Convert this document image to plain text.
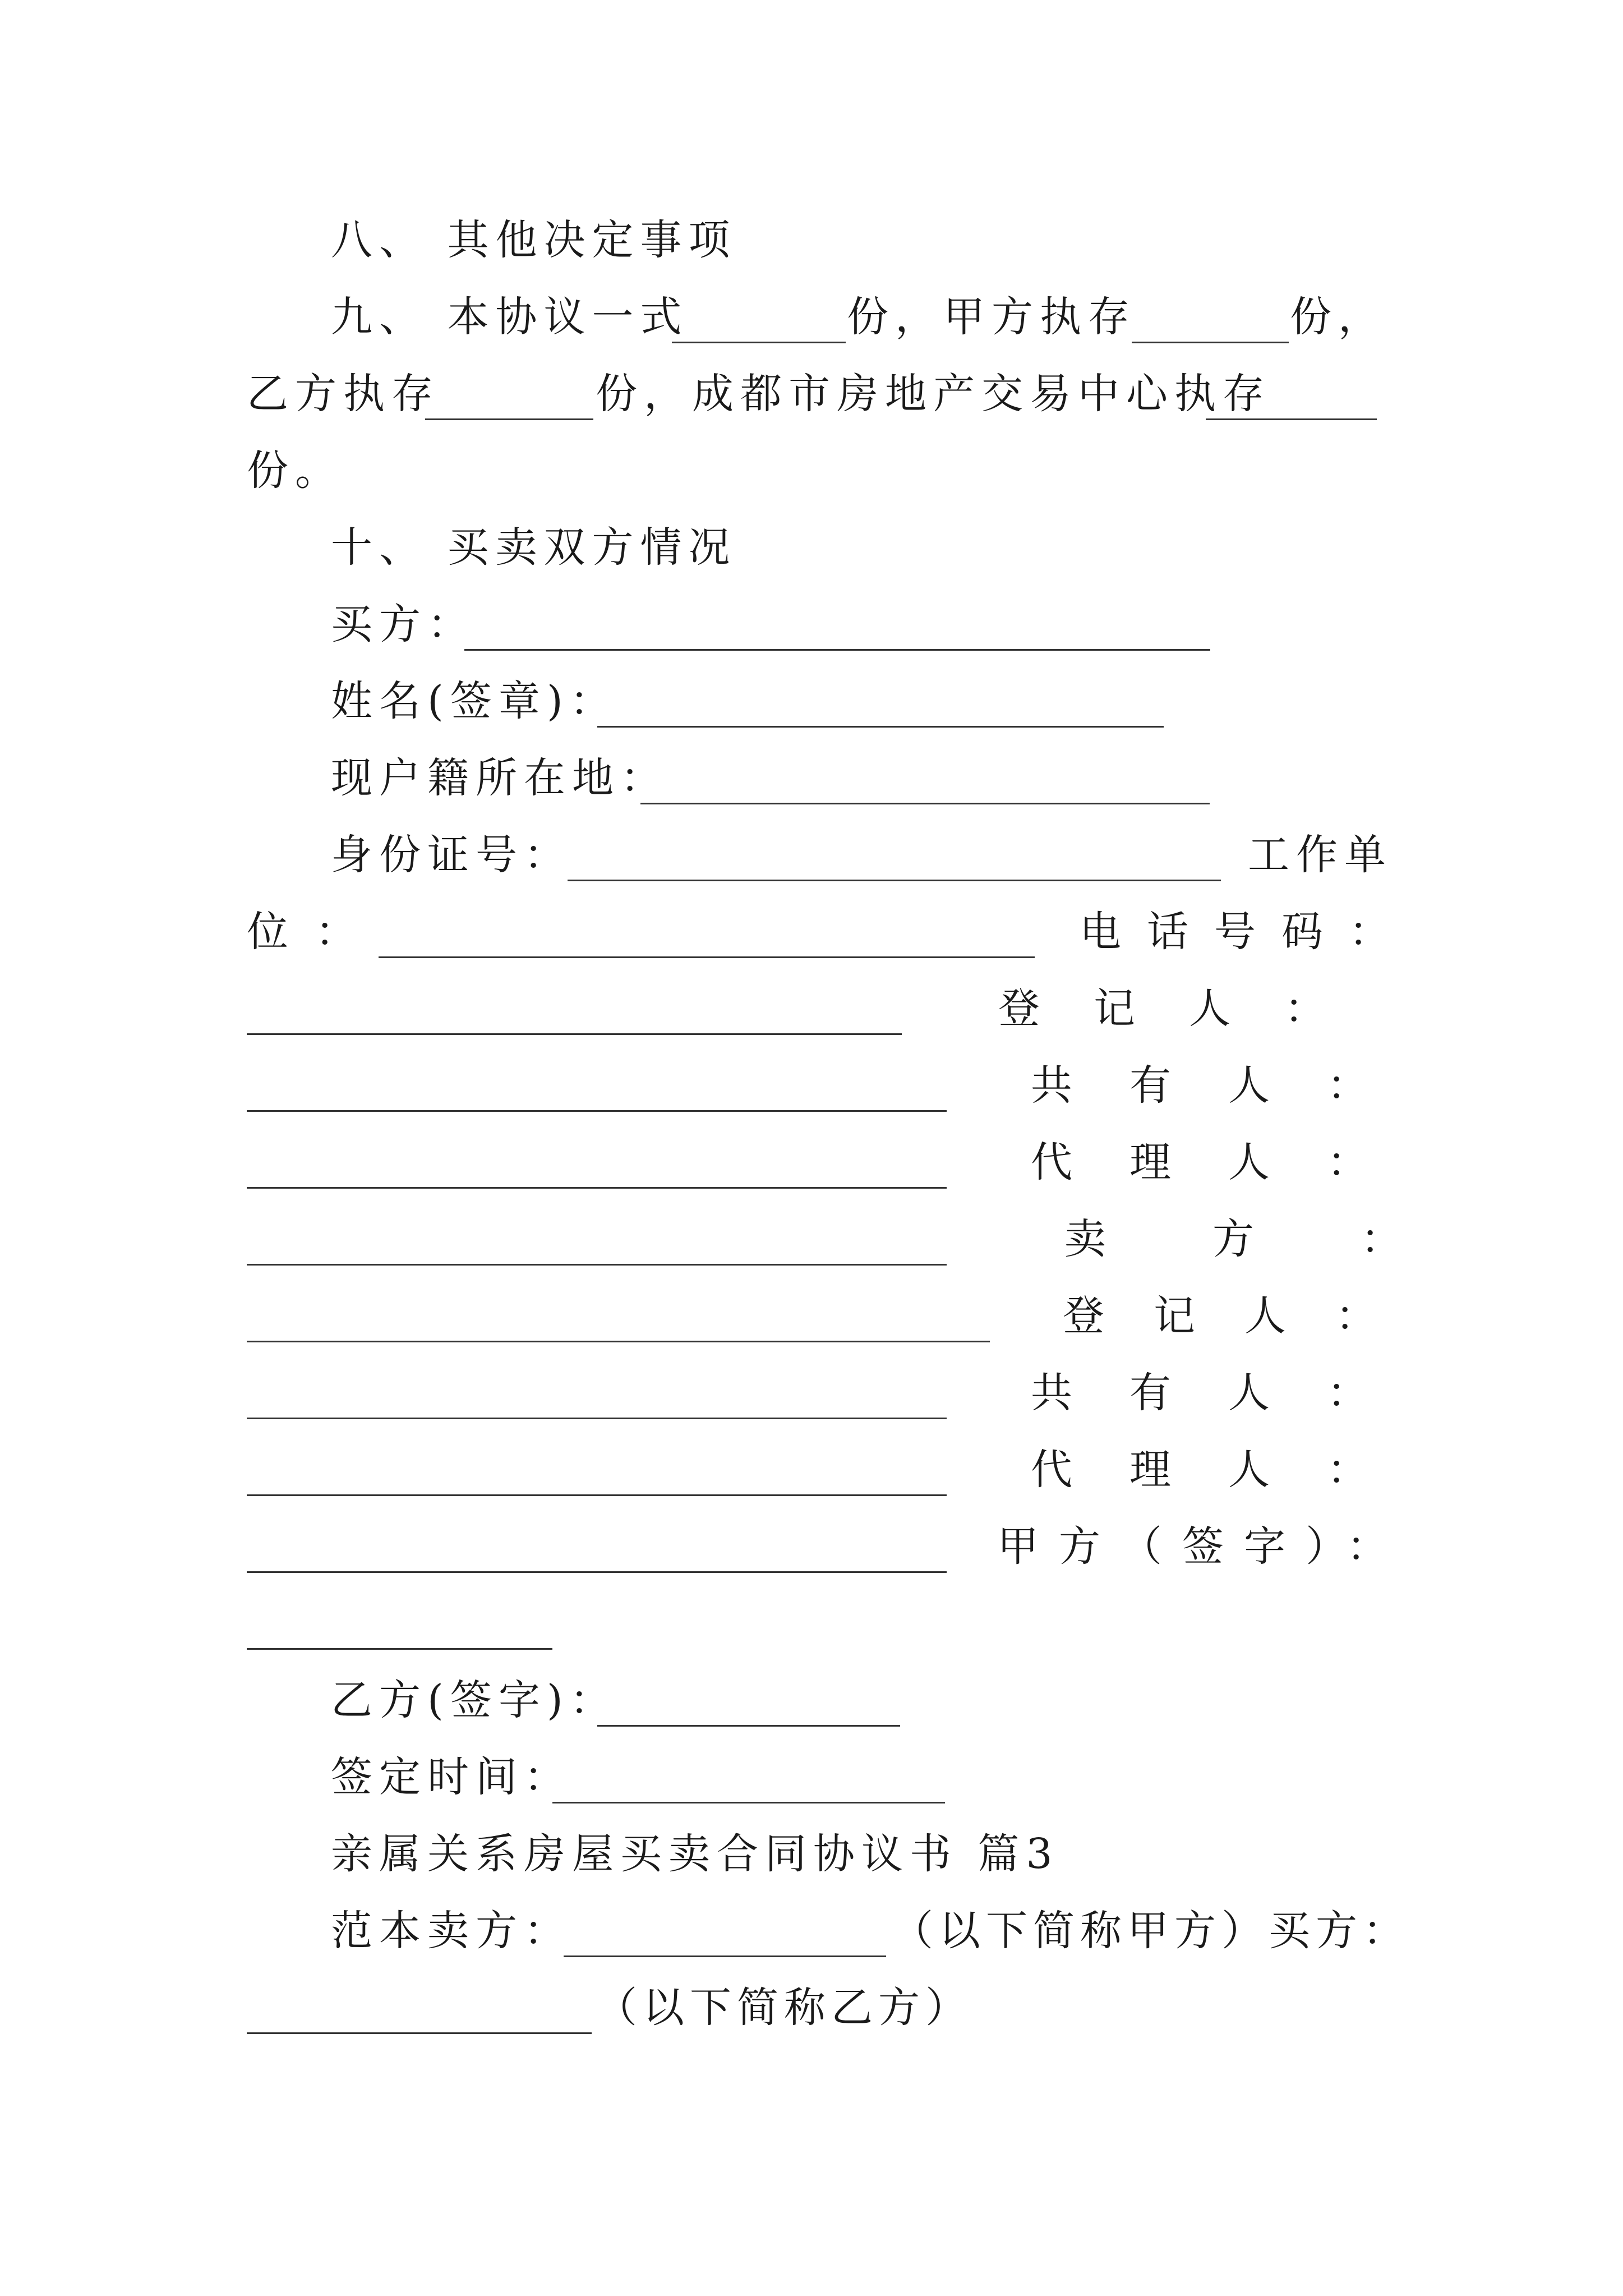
八、 其他决定事项
九、 本协议一式	份，甲方执存	份，
乙方执存	份，成都市房地产交易中心执存
份。
十、 买卖双方情况
买方：
姓名(签章)：
现户籍所在地：
身份证号：	工作单
位：	电话号码：
登记人：
共有人：
代理人：
卖方：
登记人：
共有人：
代理人：
甲方（签字）：
乙方(签字)：
签定时间：
亲属关系房屋买卖合同协议书 篇3
范本卖方：	（以下简称甲方）买方：
（以下简称乙方）
